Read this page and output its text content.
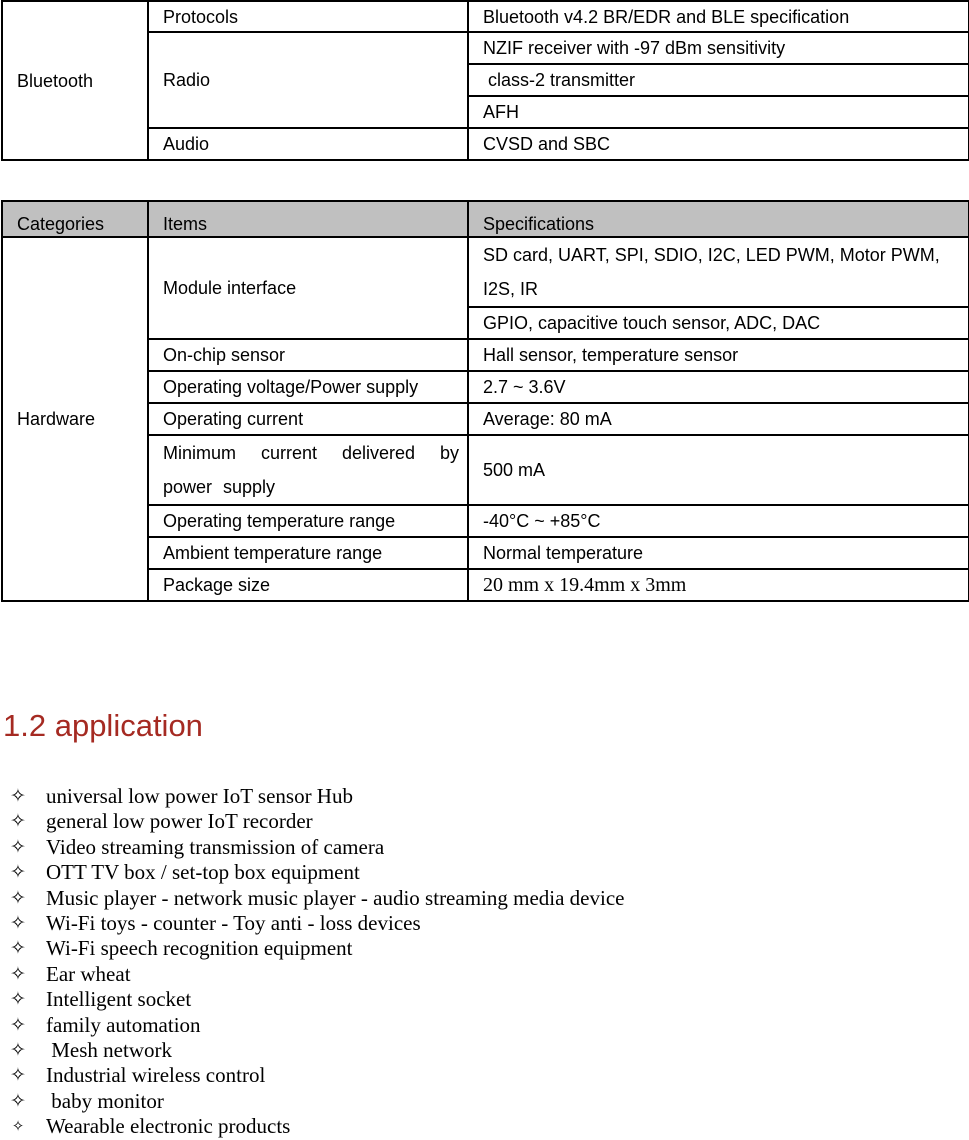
Bluetooth	Protocols	Bluetooth v4.2 BR/EDR and BLE specification
	Radio	NZIF receiver with -97 dBm sensitivity
		class-2 transmitter
		AFH
	Audio	CVSD and SBC
Categories	Items	Specifications
Hardware	Module interface	SD card, UART, SPI, SDIO, I2C, LED PWM, Motor PWM, I2S, IR
		GPIO, capacitive touch sensor, ADC, DAC
	On-chip sensor	Hall sensor, temperature sensor
	Operating voltage/Power supply	2.7 ~ 3.6V
	Operating current	Average: 80 mA
	Minimum current delivered by power supply	500 mA
	Operating temperature range	-40°C ~ +85°C
	Ambient temperature range	Normal temperature
	Package size	20 mm x 19.4mm x 3mm
1.2 application
✧ universal low power IoT sensor Hub
✧ general low power IoT recorder
✧ Video streaming transmission of camera
✧ OTT TV box / set-top box equipment
✧ Music player - network music player - audio streaming media device
✧ Wi-Fi toys - counter - Toy anti - loss devices
✧ Wi-Fi speech recognition equipment
✧ Ear wheat
✧ Intelligent socket
✧ family automation
✧ Mesh network
✧ Industrial wireless control
✧ baby monitor
✧ Wearable electronic products
